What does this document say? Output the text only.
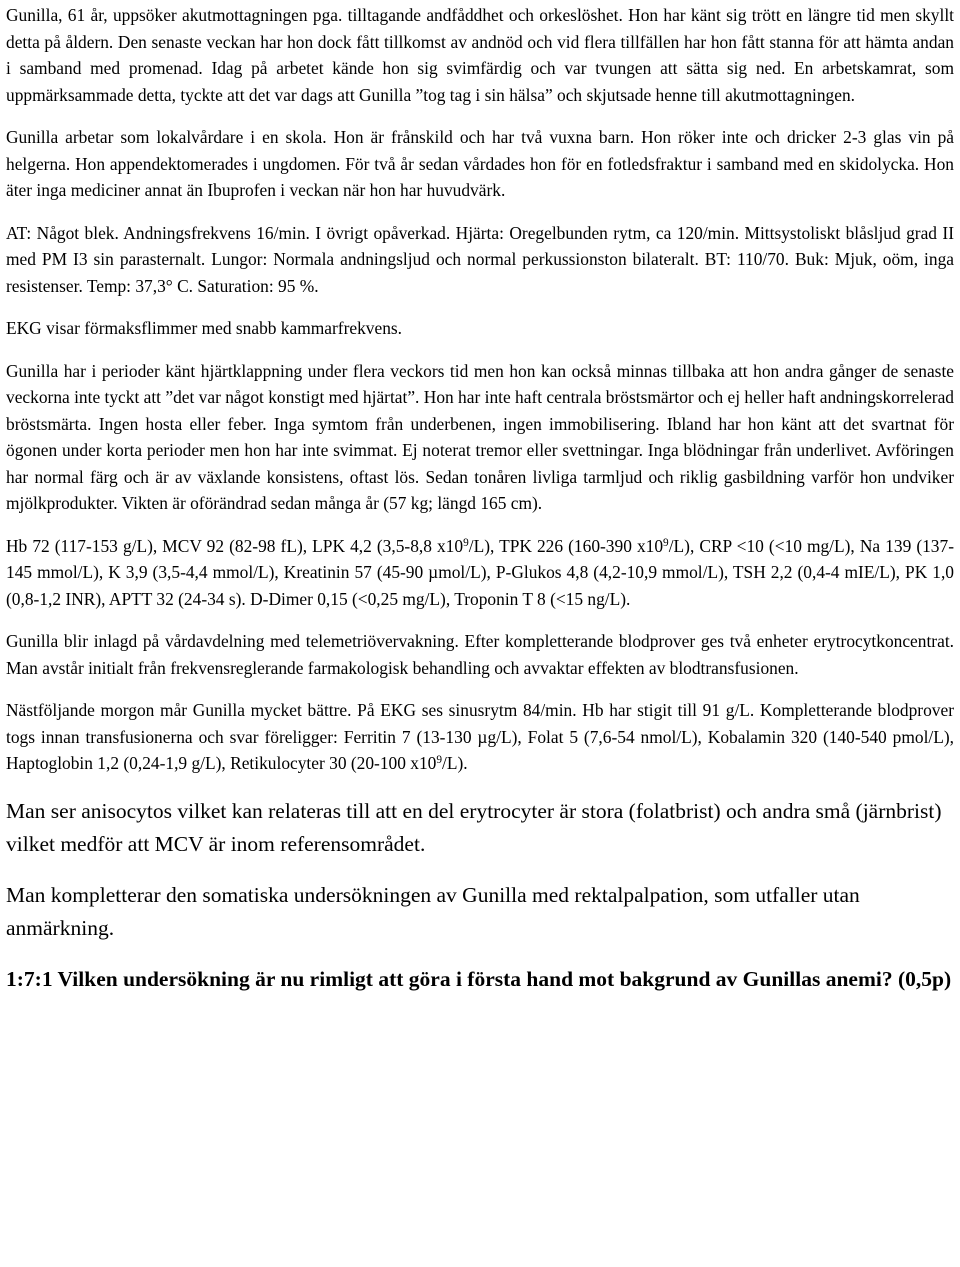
Gunilla, 61 år, uppsöker akutmottagningen pga. tilltagande andfåddhet och orkeslöshet. Hon har känt sig trött en längre tid men skyllt detta på åldern. Den senaste veckan har hon dock fått tillkomst av andnöd och vid flera tillfällen har hon fått stanna för att hämta andan i samband med promenad. Idag på arbetet kände hon sig svimfärdig och var tvungen att sätta sig ned. En arbetskamrat, som uppmärksammade detta, tyckte att det var dags att Gunilla ”tog tag i sin hälsa” och skjutsade henne till akutmottagningen.

Gunilla arbetar som lokalvårdare i en skola. Hon är frånskild och har två vuxna barn. Hon röker inte och dricker 2-3 glas vin på helgerna. Hon appendektomerades i ungdomen. För två år sedan vårdades hon för en fotledsfraktur i samband med en skidolycka. Hon äter inga mediciner annat än Ibuprofen i veckan när hon har huvudvärk.

AT: Något blek. Andningsfrekvens 16/min. I övrigt opåverkad. Hjärta: Oregelbunden rytm, ca 120/min. Mittsystoliskt blåsljud grad II med PM I3 sin parasternalt. Lungor: Normala andningsljud och normal perkussionston bilateralt. BT: 110/70. Buk: Mjuk, oöm, inga resistenser. Temp: 37,3° C. Saturation: 95 %.

EKG visar förmaksflimmer med snabb kammarfrekvens.

Gunilla har i perioder känt hjärtklappning under flera veckors tid men hon kan också minnas tillbaka att hon andra gånger de senaste veckorna inte tyckt att ”det var något konstigt med hjärtat”. Hon har inte haft centrala bröstsmärtor och ej heller haft andningskorrelerad bröstsmärta. Ingen hosta eller feber. Inga symtom från underbenen, ingen immobilisering. Ibland har hon känt att det svartnat för ögonen under korta perioder men hon har inte svimmat. Ej noterat tremor eller svettningar. Inga blödningar från underlivet. Avföringen har normal färg och är av växlande konsistens, oftast lös. Sedan tonåren livliga tarmljud och riklig gasbildning varför hon undviker mjölkprodukter. Vikten är oförändrad sedan många år (57 kg; längd 165 cm).

Hb 72 (117-153 g/L), MCV 92 (82-98 fL), LPK 4,2 (3,5-8,8 $x10^9/L$), TPK 226 (160-390 $x10^9/L$), CRP <10 (<10 mg/L), Na 139 (137-145 mmol/L), K 3,9 (3,5-4,4 mmol/L), Kreatinin 57 (45-90 µmol/L), P-Glukos 4,8 (4,2-10,9 mmol/L), TSH 2,2 (0,4-4 mIE/L), PK 1,0 (0,8-1,2 INR), APTT 32 (24-34 s). D-Dimer 0,15 (<0,25 mg/L), Troponin T 8 (<15 ng/L).

Gunilla blir inlagd på vårdavdelning med telemetriövervakning. Efter kompletterande blodprover ges två enheter erytrocytkoncentrat. Man avstår initialt från frekvensreglerande farmakologisk behandling och avvaktar effekten av blodtransfusionen.

Nästföljande morgon mår Gunilla mycket bättre. På EKG ses sinusrytm 84/min. Hb har stigit till 91 g/L. Kompletterande blodprover togs innan transfusionerna och svar föreligger: Ferritin 7 (13-130 µg/L), Folat 5 (7,6-54 nmol/L), Kobalamin 320 (140-540 pmol/L), Haptoglobin 1,2 (0,24-1,9 g/L), Retikulocyter 30 (20-100 $x10^9/L$).

Man ser anisocytos vilket kan relateras till att en del erytrocyter är stora (folatbrist) och andra små (järnbrist) vilket medför att MCV är inom referensområdet.

Man kompletterar den somatiska undersökningen av Gunilla med rektalpalpation, som utfaller utan anmärkning.

1:7:1 Vilken undersökning är nu rimligt att göra i första hand mot bakgrund av Gunillas anemi? (0,5p)
